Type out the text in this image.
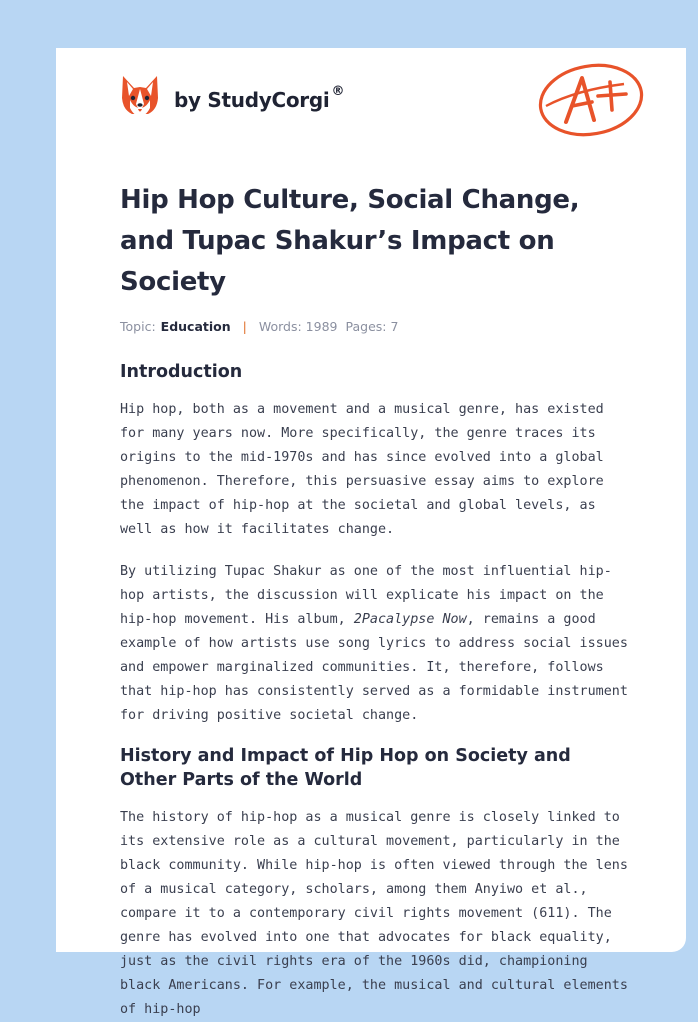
by StudyCorgi ®
Hip Hop Culture, Social Change, and Tupac Shakur’s Impact on Society
Topic: Education | Words: 1989 Pages: 7
Introduction

Hip hop, both as a movement and a musical genre, has existed for many years now. More specifically, the genre traces its origins to the mid-1970s and has since evolved into a global phenomenon. Therefore, this persuasive essay aims to explore the impact of hip-hop at the societal and global levels, as well as how it facilitates change.

By utilizing Tupac Shakur as one of the most influential hip-hop artists, the discussion will explicate his impact on the hip-hop movement. His album, 2Pacalypse Now, remains a good example of how artists use song lyrics to address social issues and empower marginalized communities. It, therefore, follows that hip-hop has consistently served as a formidable instrument for driving positive societal change.

History and Impact of Hip Hop on Society and Other Parts of the World

The history of hip-hop as a musical genre is closely linked to its extensive role as a cultural movement, particularly in the black community. While hip-hop is often viewed through the lens of a musical category, scholars, among them Anyiwo et al., compare it to a contemporary civil rights movement (611). The genre has evolved into one that advocates for black equality, just as the civil rights era of the 1960s did, championing black Americans. For example, the musical and cultural elements of hip-hop
